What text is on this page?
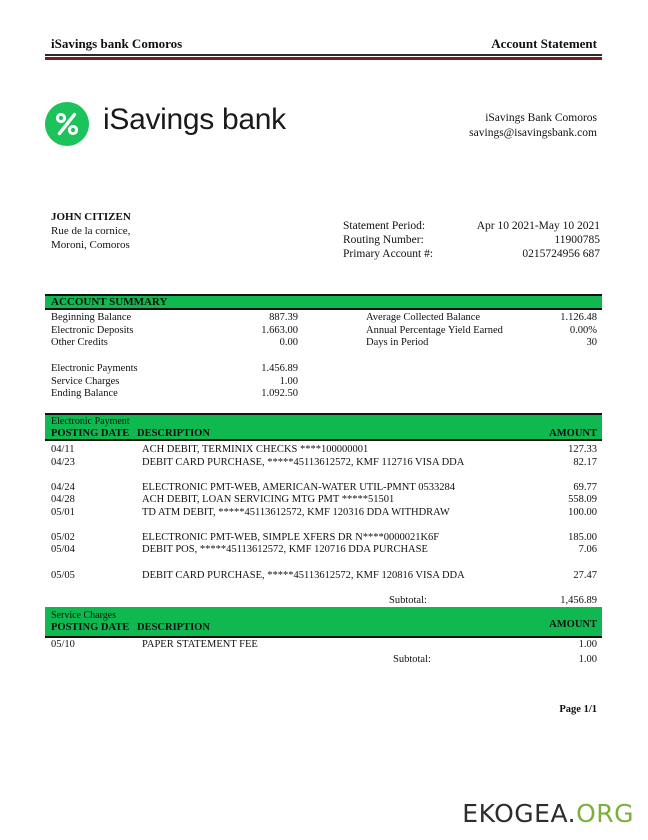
iSavings bank Comoros	Account Statement
iSavings bank	iSavings Bank Comoros
savings@isavingsbank.com
JOHN CITIZEN
Rue de la cornice,
Moroni, Comoros
Statement Period:	Apr 10 2021-May 10 2021
Routing Number:	11900785
Primary Account #:	0215724956 687
ACCOUNT SUMMARY
Beginning Balance	887.39
Electronic Deposits	1.663.00
Other Credits	0.00
Electronic Payments	1.456.89
Service Charges	1.00
Ending Balance	1.092.50
Average Collected Balance	1.126.48
Annual Percentage Yield Earned	0.00%
Days in Period	30
Electronic Payment
POSTING DATE DESCRIPTION	AMOUNT
04/11	ACH DEBIT, TERMINIX CHECKS ****100000001	127.33
04/23	DEBIT CARD PURCHASE, *****45113612572, KMF 112716 VISA DDA	82.17
04/24	ELECTRONIC PMT-WEB, AMERICAN-WATER UTIL-PMNT 0533284	69.77
04/28	ACH DEBIT, LOAN SERVICING MTG PMT *****51501	558.09
05/01	TD ATM DEBIT, *****45113612572, KMF 120316 DDA WITHDRAW	100.00
05/02	ELECTRONIC PMT-WEB, SIMPLE XFERS DR N****0000021K6F	185.00
05/04	DEBIT POS, *****45113612572, KMF 120716 DDA PURCHASE	7.06
05/05	DEBIT CARD PURCHASE, *****45113612572, KMF 120816 VISA DDA	27.47
Subtotal:	1,456.89
Service Charges
POSTING DATE DESCRIPTION	AMOUNT
05/10	PAPER STATEMENT FEE	1.00
Subtotal:	1.00
Page 1/1
EKOGEA.ORG
